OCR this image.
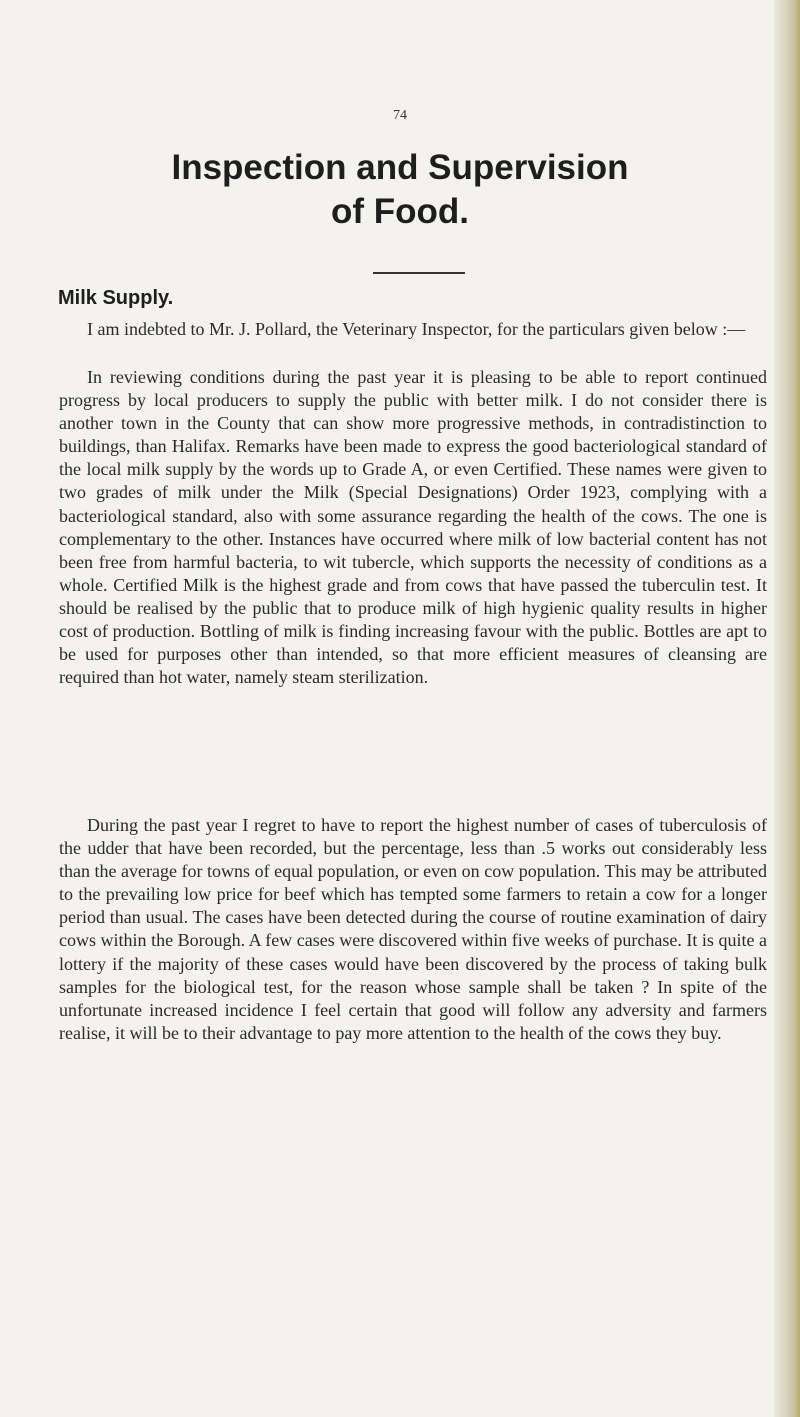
74
Inspection and Supervision
of Food.
Milk Supply.

I am indebted to Mr. J. Pollard, the Veterinary Inspector, for the particulars given below :—

In reviewing conditions during the past year it is pleasing to be able to report continued progress by local producers to supply the public with better milk. I do not consider there is another town in the County that can show more progressive methods, in contradistinction to buildings, than Halifax. Remarks have been made to express the good bacteriological standard of the local milk supply by the words up to Grade A, or even Certified. These names were given to two grades of milk under the Milk (Special Designations) Order 1923, complying with a bacteriological standard, also with some assurance regarding the health of the cows. The one is complementary to the other. Instances have occurred where milk of low bacterial content has not been free from harmful bacteria, to wit tubercle, which supports the necessity of conditions as a whole. Certified Milk is the highest grade and from cows that have passed the tuberculin test. It should be realised by the public that to produce milk of high hygienic quality results in higher cost of production. Bottling of milk is finding increasing favour with the public. Bottles are apt to be used for purposes other than intended, so that more efficient measures of cleansing are required than hot water, namely steam sterilization.

During the past year I regret to have to report the highest number of cases of tuberculosis of the udder that have been recorded, but the percentage, less than .5 works out considerably less than the average for towns of equal population, or even on cow population. This may be attributed to the prevailing low price for beef which has tempted some farmers to retain a cow for a longer period than usual. The cases have been detected during the course of routine examination of dairy cows within the Borough. A few cases were discovered within five weeks of purchase. It is quite a lottery if the majority of these cases would have been discovered by the process of taking bulk samples for the biological test, for the reason whose sample shall be taken ? In spite of the unfortunate increased incidence I feel certain that good will follow any adversity and farmers realise, it will be to their advantage to pay more attention to the health of the cows they buy.
